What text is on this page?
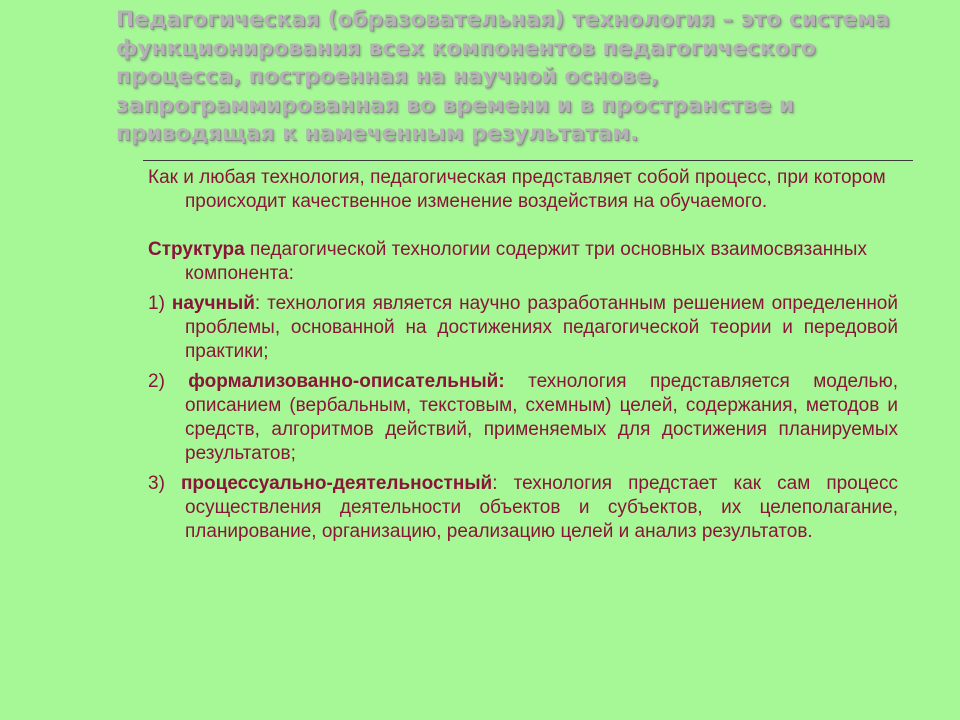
Педагогическая (образовательная) технология – это система функционирования всех компонентов педагогического процесса, построенная на научной основе, запрограммированная во времени и в пространстве и приводящая к намеченным результатам.

Как и любая технология, педагогическая представляет собой процесс, при котором происходит качественное изменение воздействия на обучаемого.

Структура педагогической технологии содержит три основных взаимосвязанных компонента:

1) научный: технология является научно разработанным решением определенной проблемы, основанной на достижениях педагогической теории и передовой практики;

2) формализованно-описательный: технология представляется моделью, описанием (вербальным, текстовым, схемным) целей, содержания, методов и средств, алгоритмов действий, применяемых для достижения планируемых результатов;

3) процессуально-деятельностный: технология предстает как сам процесс осуществления деятельности объектов и субъектов, их целеполагание, планирование, организацию, реализацию целей и анализ результатов.
